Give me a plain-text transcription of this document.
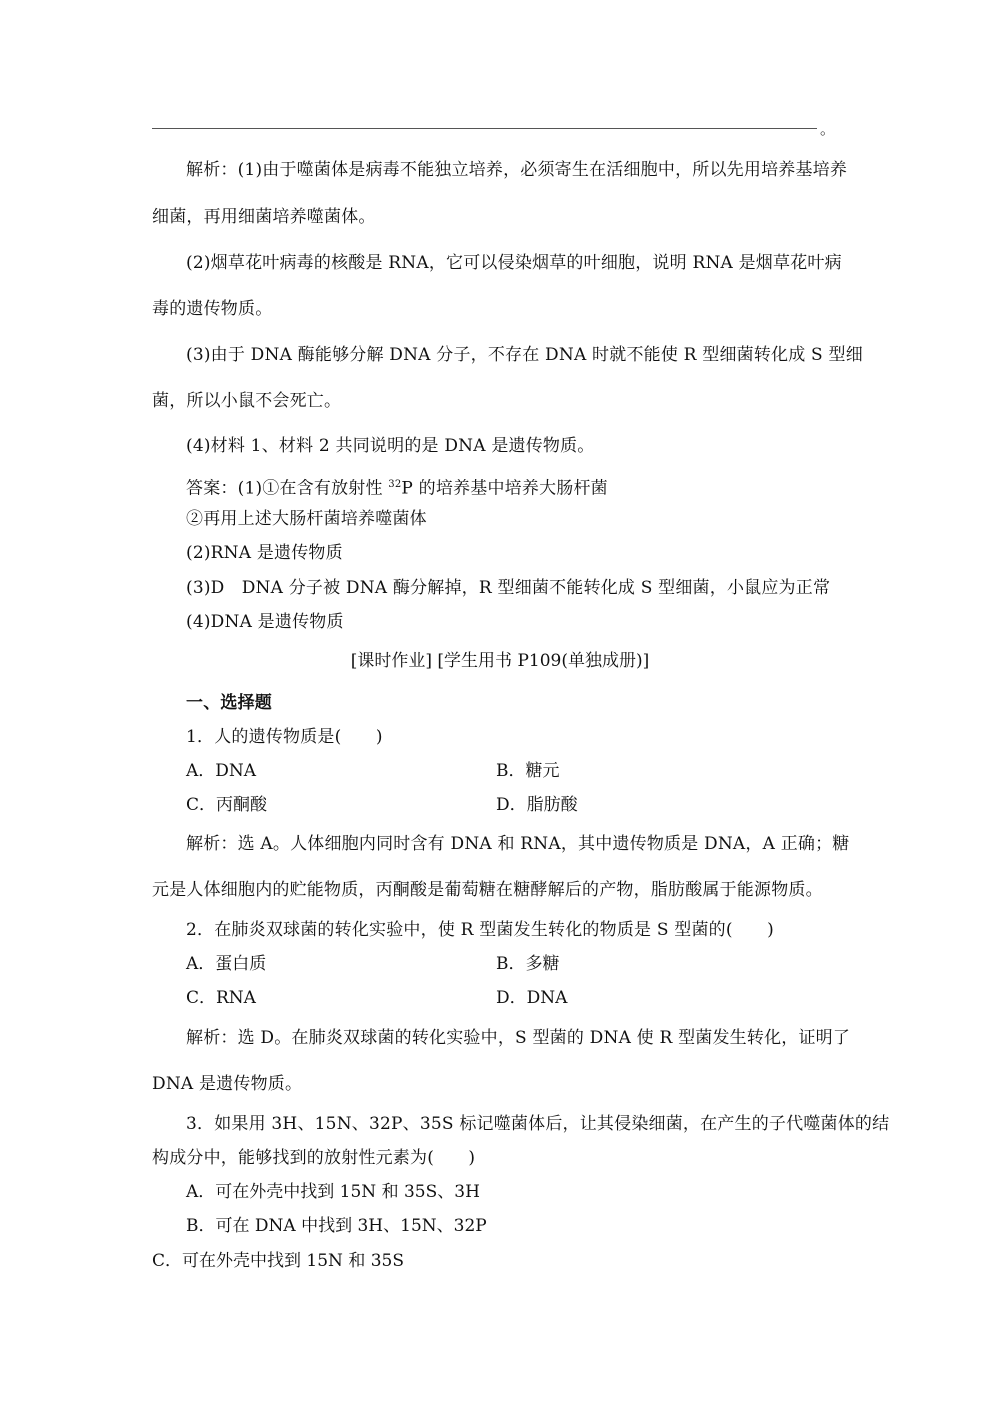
。
解析：(1)由于噬菌体是病毒不能独立培养，必须寄生在活细胞中，所以先用培养基培养
细菌，再用细菌培养噬菌体。
(2)烟草花叶病毒的核酸是 RNA，它可以侵染烟草的叶细胞，说明 RNA 是烟草花叶病
毒的遗传物质。
(3)由于 DNA 酶能够分解 DNA 分子，不存在 DNA 时就不能使 R 型细菌转化成 S 型细
菌，所以小鼠不会死亡。
(4)材料 1、材料 2 共同说明的是 DNA 是遗传物质。
答案：(1)①在含有放射性 $^{32}$P 的培养基中培养大肠杆菌
②再用上述大肠杆菌培养噬菌体
(2)RNA 是遗传物质
(3)D　DNA 分子被 DNA 酶分解掉，R 型细菌不能转化成 S 型细菌，小鼠应为正常
(4)DNA 是遗传物质
[课时作业] [学生用书 P109(单独成册)]
一、选择题
1．人的遗传物质是(　　)
A．DNA	B．糖元
C．丙酮酸	D．脂肪酸
解析：选 A。人体细胞内同时含有 DNA 和 RNA，其中遗传物质是 DNA，A 正确；糖
元是人体细胞内的贮能物质，丙酮酸是葡萄糖在糖酵解后的产物，脂肪酸属于能源物质。
2．在肺炎双球菌的转化实验中，使 R 型菌发生转化的物质是 S 型菌的(　　)
A．蛋白质	B．多糖
C．RNA	D．DNA
解析：选 D。在肺炎双球菌的转化实验中，S 型菌的 DNA 使 R 型菌发生转化，证明了
DNA 是遗传物质。
3．如果用 3H、15N、32P、35S 标记噬菌体后，让其侵染细菌，在产生的子代噬菌体的结
构成分中，能够找到的放射性元素为(　　)
A．可在外壳中找到 15N 和 35S、3H
B．可在 DNA 中找到 3H、15N、32P
C．可在外壳中找到 15N 和 35S
